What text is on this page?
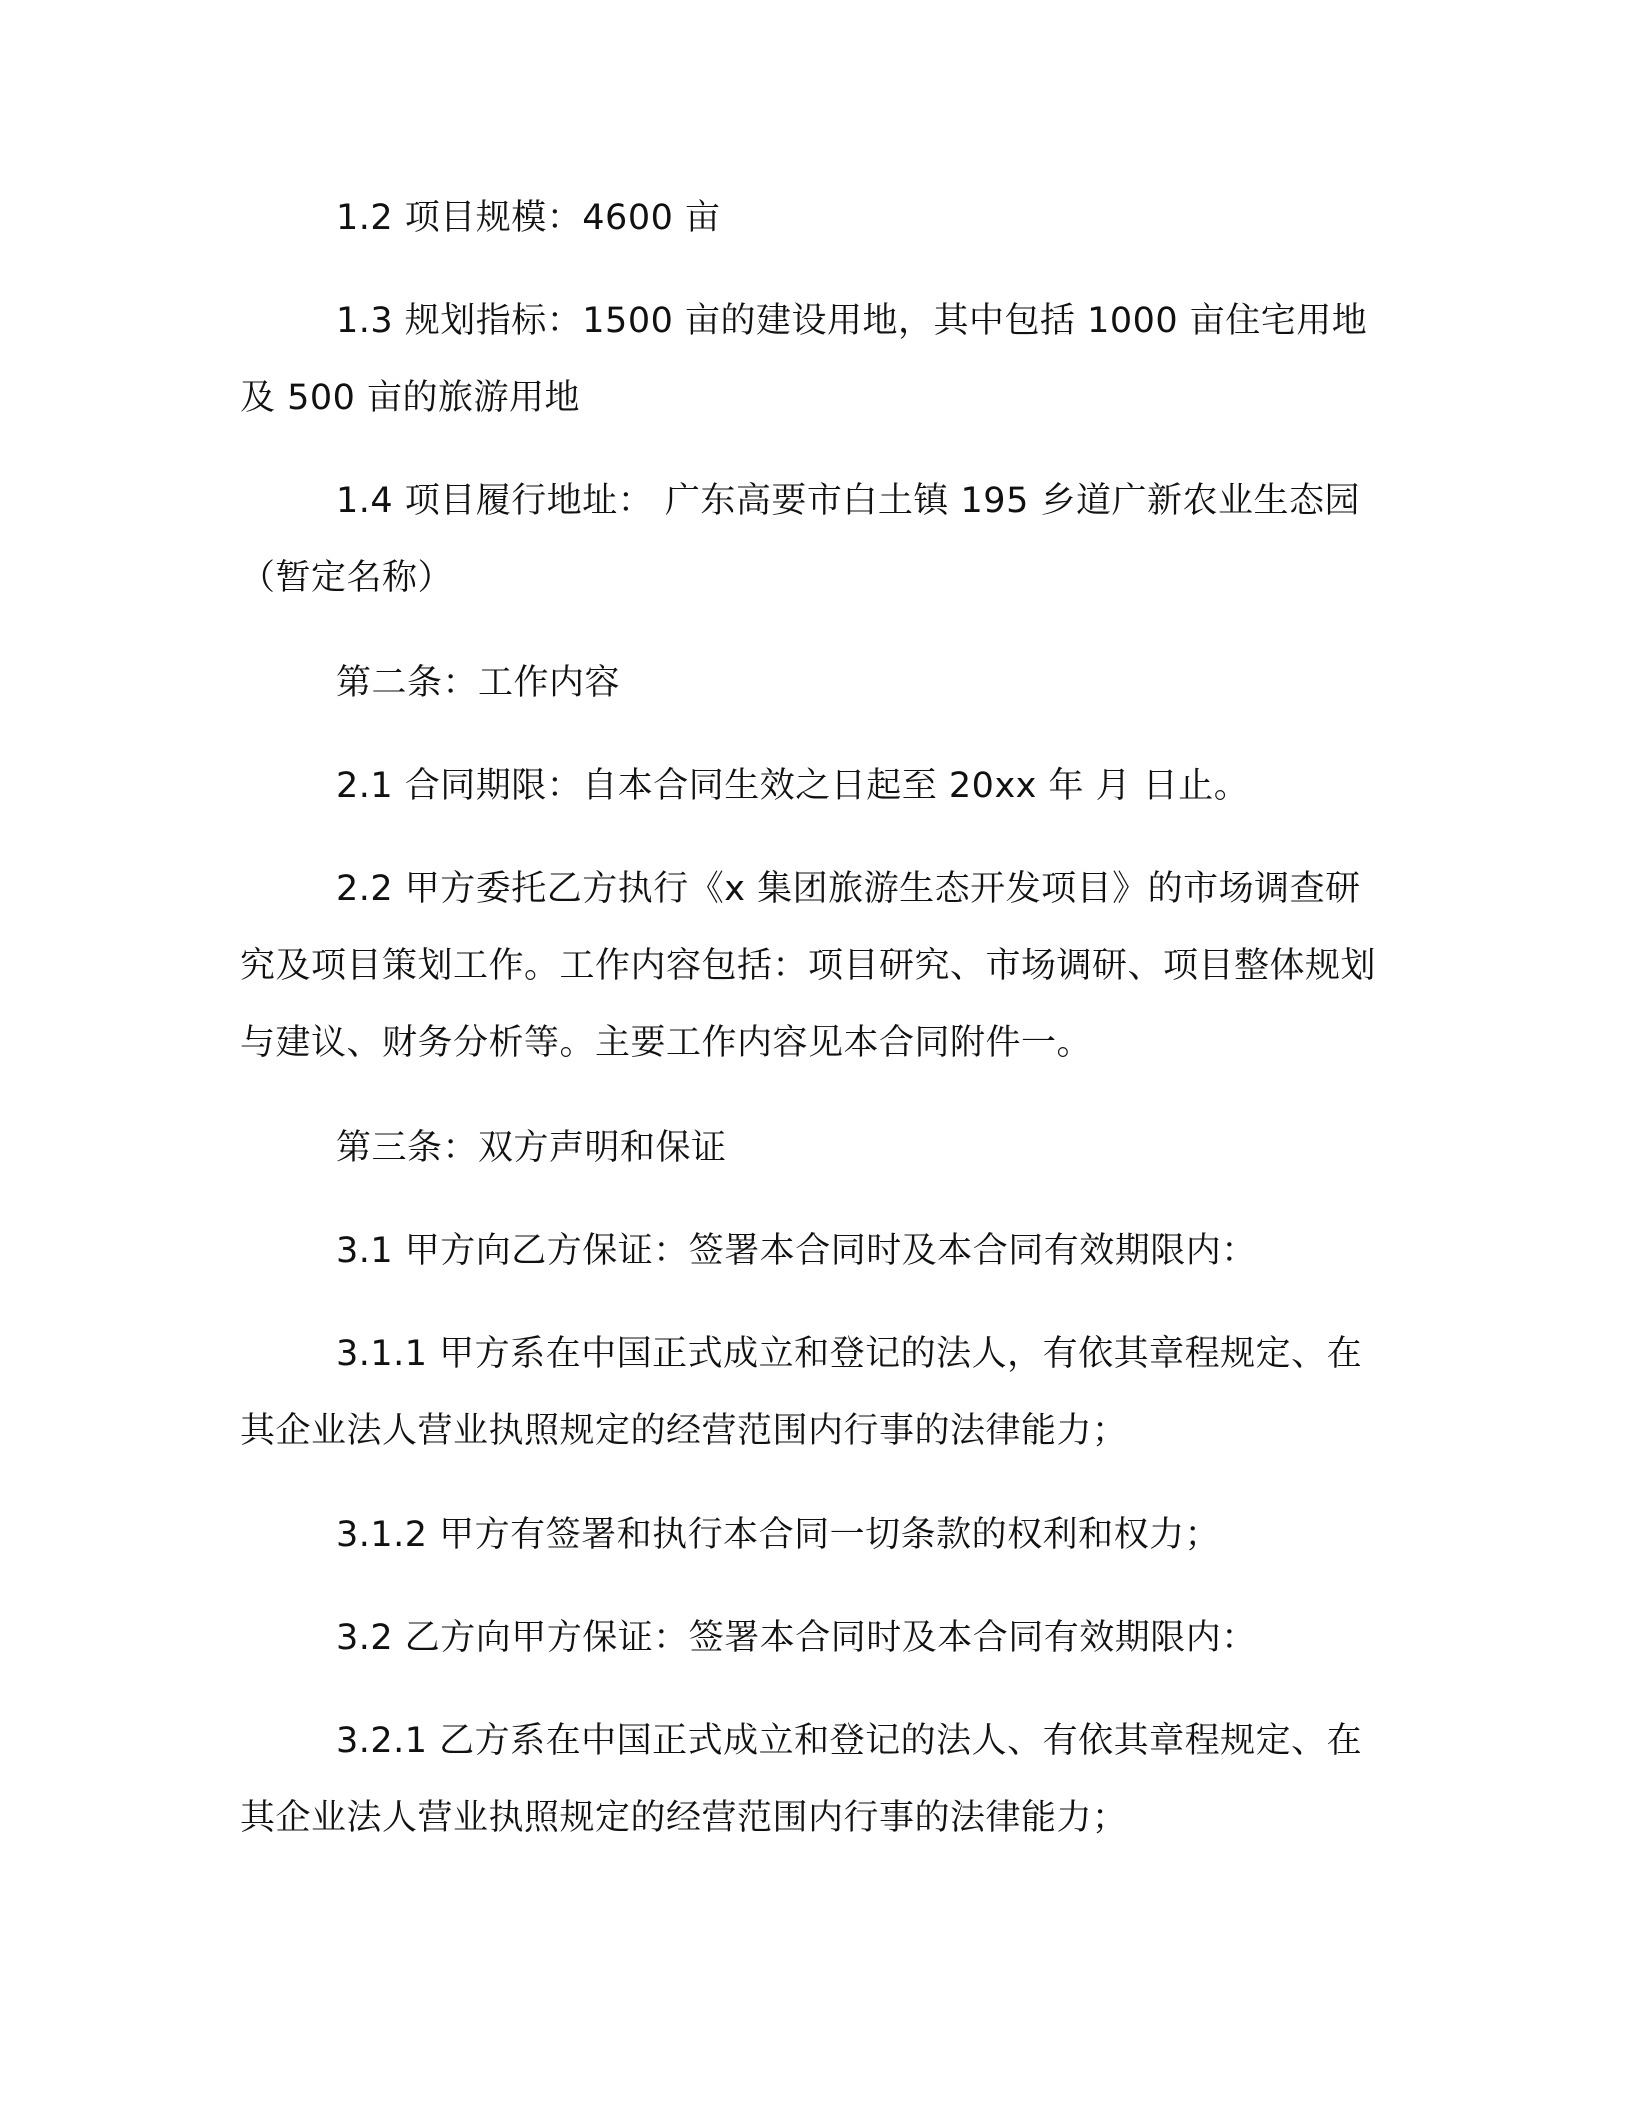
1.2 项目规模：4600 亩

1.3 规划指标：1500 亩的建设用地，其中包括 1000 亩住宅用地及 500 亩的旅游用地

1.4 项目履行地址： 广东高要市白土镇 195 乡道广新农业生态园（暂定名称）

第二条：工作内容

2.1 合同期限：自本合同生效之日起至 20xx 年 月 日止。

2.2 甲方委托乙方执行《x 集团旅游生态开发项目》的市场调查研究及项目策划工作。工作内容包括：项目研究、市场调研、项目整体规划与建议、财务分析等。主要工作内容见本合同附件一。

第三条：双方声明和保证

3.1 甲方向乙方保证：签署本合同时及本合同有效期限内：

3.1.1 甲方系在中国正式成立和登记的法人，有依其章程规定、在其企业法人营业执照规定的经营范围内行事的法律能力；

3.1.2 甲方有签署和执行本合同一切条款的权利和权力；

3.2 乙方向甲方保证：签署本合同时及本合同有效期限内：

3.2.1 乙方系在中国正式成立和登记的法人、有依其章程规定、在其企业法人营业执照规定的经营范围内行事的法律能力；
